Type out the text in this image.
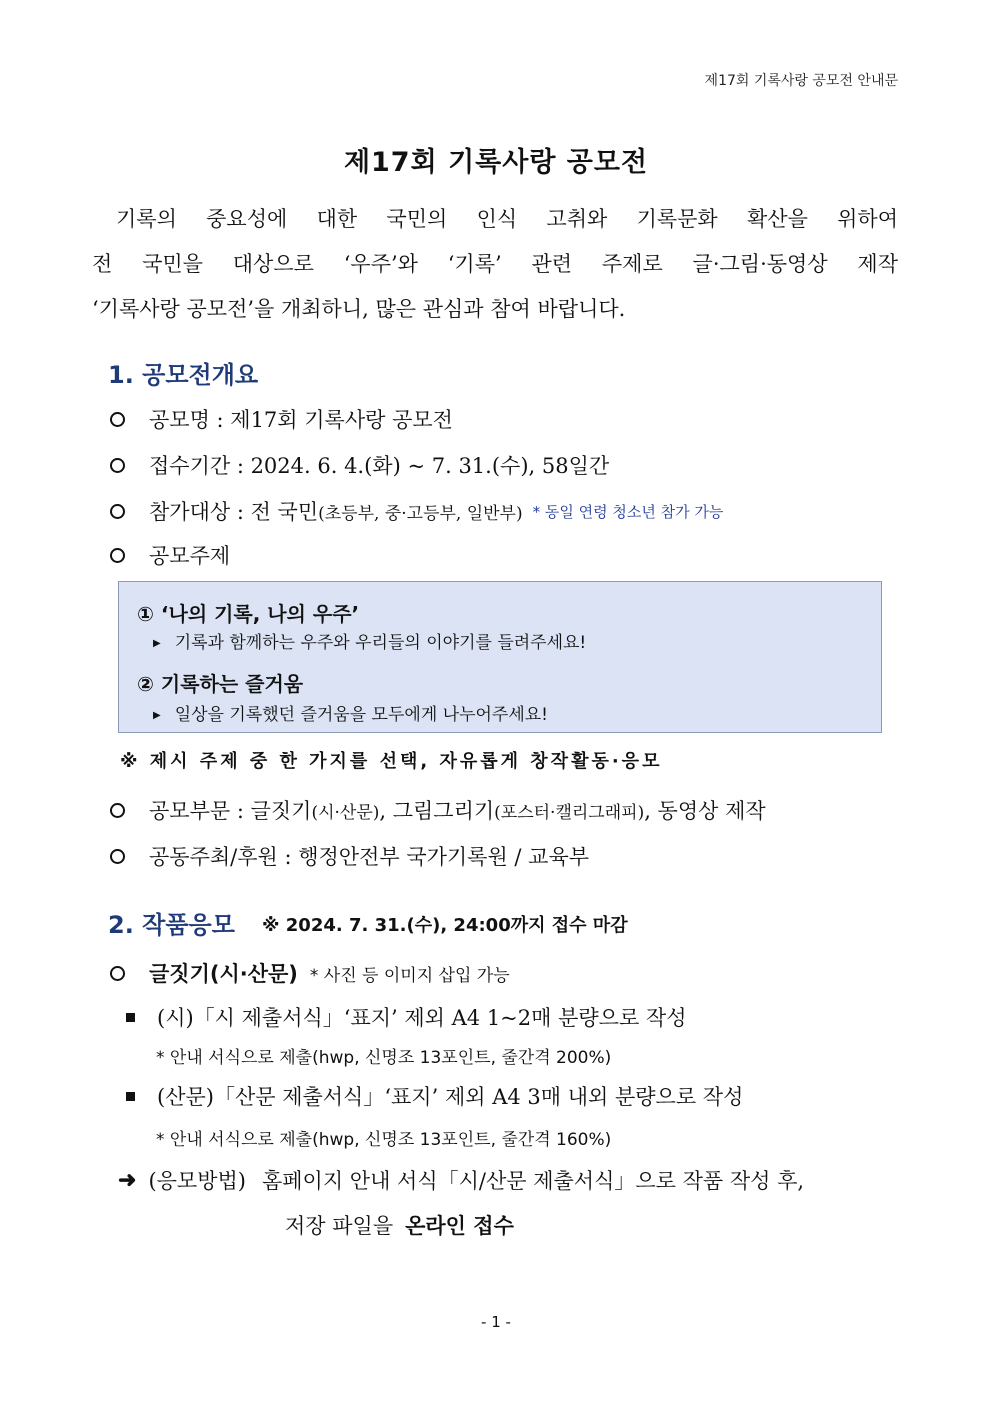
제17회 기록사랑 공모전 안내문
제17회 기록사랑 공모전

기록의 중요성에 대한 국민의 인식 고취와 기록문화 확산을 위하여

전 국민을 대상으로 ‘우주’와 ‘기록’ 관련 주제로 글·그림·동영상 제작

‘기록사랑 공모전’을 개최하니, 많은 관심과 참여 바랍니다.

1. 공모전개요
공모명 : 제17회 기록사랑 공모전
접수기간 : 2024. 6. 4.(화) ~ 7. 31.(수), 58일간
참가대상 : 전 국민 (초등부, 중·고등부, 일반부) * 동일 연령 청소년 참가 가능
공모주제
① ‘나의 기록, 나의 우주’
▶ 기록과 함께하는 우주와 우리들의 이야기를 들려주세요!
② 기록하는 즐거움
▶ 일상을 기록했던 즐거움을 모두에게 나누어주세요!
※ 제시 주제 중 한 가지를 선택, 자유롭게 창작활동·응모
공모부문 : 글짓기 (시·산문) , 그림그리기 (포스터·캘리그래피) , 동영상 제작
공동주최/후원 : 행정안전부 국가기록원 / 교육부
2. 작품응모 ※ 2024. 7. 31.(수), 24:00까지 접수 마감
글짓기(시·산문) * 사진 등 이미지 삽입 가능
(시)「시 제출서식」‘표지’ 제외 A4 1~2매 분량으로 작성
* 안내 서식으로 제출(hwp, 신명조 13포인트, 줄간격 200%)
(산문)「산문 제출서식」‘표지’ 제외 A4 3매 내외 분량으로 작성
* 안내 서식으로 제출(hwp, 신명조 13포인트, 줄간격 160%)
➜ (응모방법) 홈페이지 안내 서식「시/산문 제출서식」으로 작품 작성 후,
저장 파일을 온라인 접수
- 1 -
